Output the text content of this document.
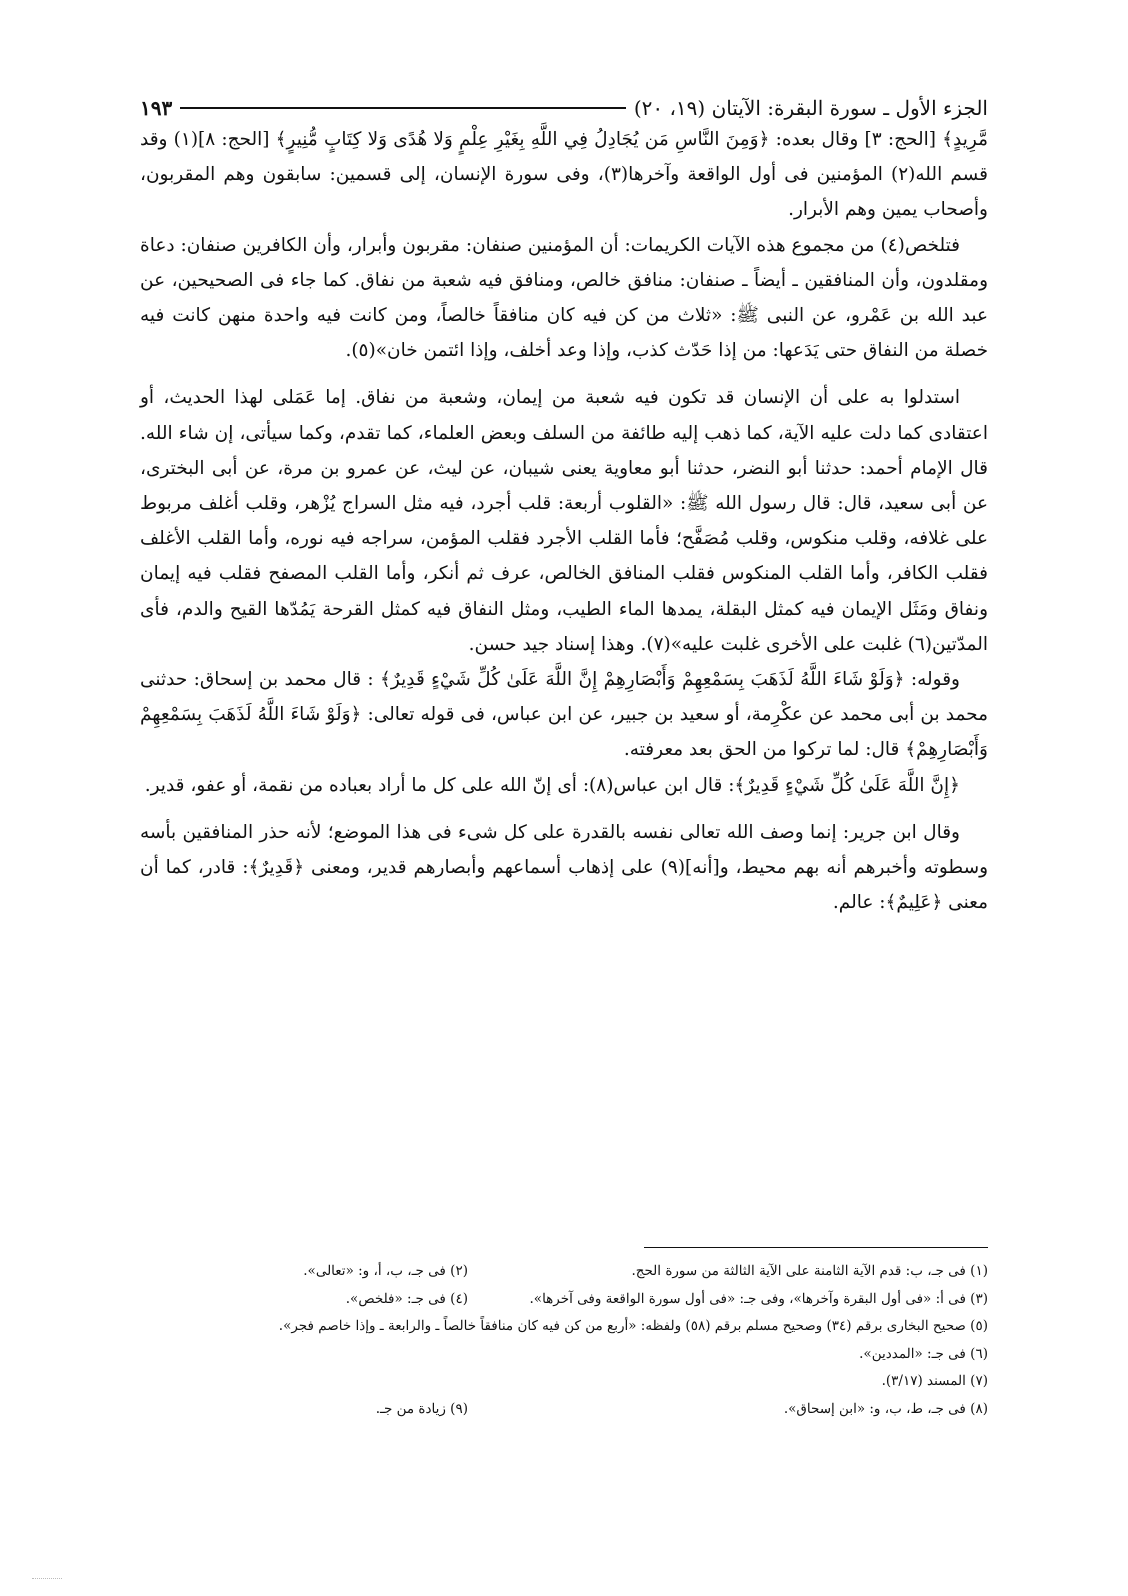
الجزء الأول ـ سورة البقرة: الآيتان (١٩، ٢٠)
١٩٣

مَّرِيدٍ﴾ [الحج: ٣] وقال بعده: ﴿وَمِنَ النَّاسِ مَن يُجَادِلُ فِي اللَّهِ بِغَيْرِ عِلْمٍ وَلا هُدًى وَلا كِتَابٍ مُّنِيرٍ﴾ [الحج: ٨](١) وقد قسم الله(٢) المؤمنين فى أول الواقعة وآخرها(٣)، وفى سورة الإنسان، إلى قسمين: سابقون وهم المقربون، وأصحاب يمين وهم الأبرار.

فتلخص(٤) من مجموع هذه الآيات الكريمات: أن المؤمنين صنفان: مقربون وأبرار، وأن الكافرين صنفان: دعاة ومقلدون، وأن المنافقين ـ أيضاً ـ صنفان: منافق خالص، ومنافق فيه شعبة من نفاق. كما جاء فى الصحيحين، عن عبد الله بن عَمْرو، عن النبى ﷺ: «ثلاث من كن فيه كان منافقاً خالصاً، ومن كانت فيه واحدة منهن كانت فيه خصلة من النفاق حتى يَدَعها: من إذا حَدّث كذب، وإذا وعد أخلف، وإذا ائتمن خان»(٥).

استدلوا به على أن الإنسان قد تكون فيه شعبة من إيمان، وشعبة من نفاق. إما عَمَلى لهذا الحديث، أو اعتقادى كما دلت عليه الآية، كما ذهب إليه طائفة من السلف وبعض العلماء، كما تقدم، وكما سيأتى، إن شاء الله. قال الإمام أحمد: حدثنا أبو النضر، حدثنا أبو معاوية يعنى شيبان، عن ليث، عن عمرو بن مرة، عن أبى البخترى، عن أبى سعيد، قال: قال رسول الله ﷺ: «القلوب أربعة: قلب أجرد، فيه مثل السراج يُزْهر، وقلب أغلف مربوط على غلافه، وقلب منكوس، وقلب مُصَفَّح؛ فأما القلب الأجرد فقلب المؤمن، سراجه فيه نوره، وأما القلب الأغلف فقلب الكافر، وأما القلب المنكوس فقلب المنافق الخالص، عرف ثم أنكر، وأما القلب المصفح فقلب فيه إيمان ونفاق ومَثَل الإيمان فيه كمثل البقلة، يمدها الماء الطيب، ومثل النفاق فيه كمثل القرحة يَمُدّها القيح والدم، فأى المدّتين(٦) غلبت على الأخرى غلبت عليه»(٧). وهذا إسناد جيد حسن.

وقوله: ﴿وَلَوْ شَاءَ اللَّهُ لَذَهَبَ بِسَمْعِهِمْ وَأَبْصَارِهِمْ إِنَّ اللَّهَ عَلَىٰ كُلِّ شَيْءٍ قَدِيرٌ﴾ : قال محمد بن إسحاق: حدثنى محمد بن أبى محمد عن عكْرِمة، أو سعيد بن جبير، عن ابن عباس، فى قوله تعالى: ﴿وَلَوْ شَاءَ اللَّهُ لَذَهَبَ بِسَمْعِهِمْ وَأَبْصَارِهِمْ﴾ قال: لما تركوا من الحق بعد معرفته.

﴿إِنَّ اللَّهَ عَلَىٰ كُلِّ شَيْءٍ قَدِيرٌ﴾: قال ابن عباس(٨): أى إنّ الله على كل ما أراد بعباده من نقمة، أو عفو، قدير.

وقال ابن جرير: إنما وصف الله تعالى نفسه بالقدرة على كل شىء فى هذا الموضع؛ لأنه حذر المنافقين بأسه وسطوته وأخبرهم أنه بهم محيط، و[أنه](٩) على إذهاب أسماعهم وأبصارهم قدير، ومعنى ﴿قَدِيرٌ﴾: قادر، كما أن معنى ﴿عَلِيمٌ﴾: عالم.

(١) فى جـ، ب: قدم الآية الثامنة على الآية الثالثة من سورة الحج.
(٢) فى جـ، ب، أ، و: «تعالى».
(٣) فى أ: «فى أول البقرة وآخرها»، وفى جـ: «فى أول سورة الواقعة وفى آخرها».
(٤) فى جـ: «فلخص».
(٥) صحيح البخارى برقم (٣٤) وصحيح مسلم برقم (٥٨) ولفظه: «أربع من كن فيه كان منافقاً خالصاً ـ والرابعة ـ وإذا خاصم فجر».
(٦) فى جـ: «المددين».
(٧) المسند (٣/١٧).
(٨) فى جـ، ط، ب، و: «ابن إسحاق».
(٩) زيادة من جـ.
